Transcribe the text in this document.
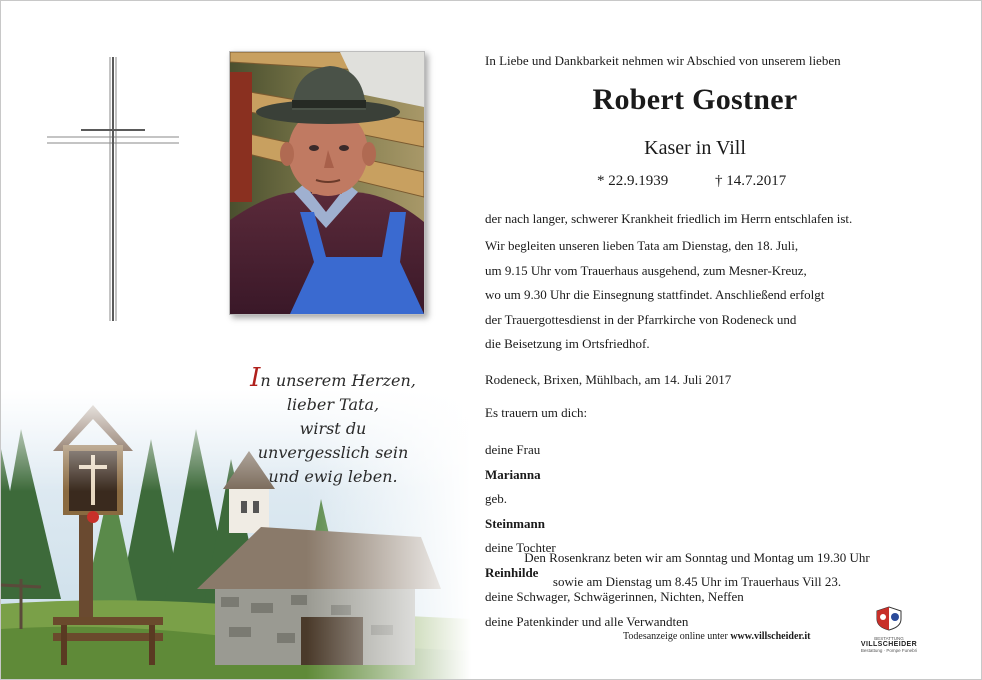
In unserem Herzen,
lieber Tata,
wirst du
unvergesslich sein
und ewig leben.
In Liebe und Dankbarkeit nehmen wir Abschied von unserem lieben
Robert Gostner
Kaser in Vill
* 22.9.1939	† 14.7.2017
der nach langer, schwerer Krankheit friedlich im Herrn entschlafen ist.
Wir begleiten unseren lieben Tata am Dienstag, den 18. Juli,
um 9.15 Uhr vom Trauerhaus ausgehend, zum Mesner-Kreuz,
wo um 9.30 Uhr die Einsegnung stattfindet. Anschließend erfolgt
der Trauergottesdienst in der Pfarrkirche von Rodeneck und
die Beisetzung im Ortsfriedhof.
Rodeneck, Brixen, Mühlbach, am 14. Juli 2017
Es trauern um dich:
deine Frau
Marianna
geb.
Steinmann
deine Tochter
Reinhilde
deine Schwager, Schwägerinnen, Nichten, Neffen
deine Patenkinder und alle Verwandten
Den Rosenkranz beten wir am Sonntag und Montag um 19.30 Uhr
sowie am Dienstag um 8.45 Uhr im Trauerhaus Vill 23.
Todesanzeige online unter www.villscheider.it	BESTATTUNG
VILLSCHEIDER
Bestattung · Pompe Funebri
